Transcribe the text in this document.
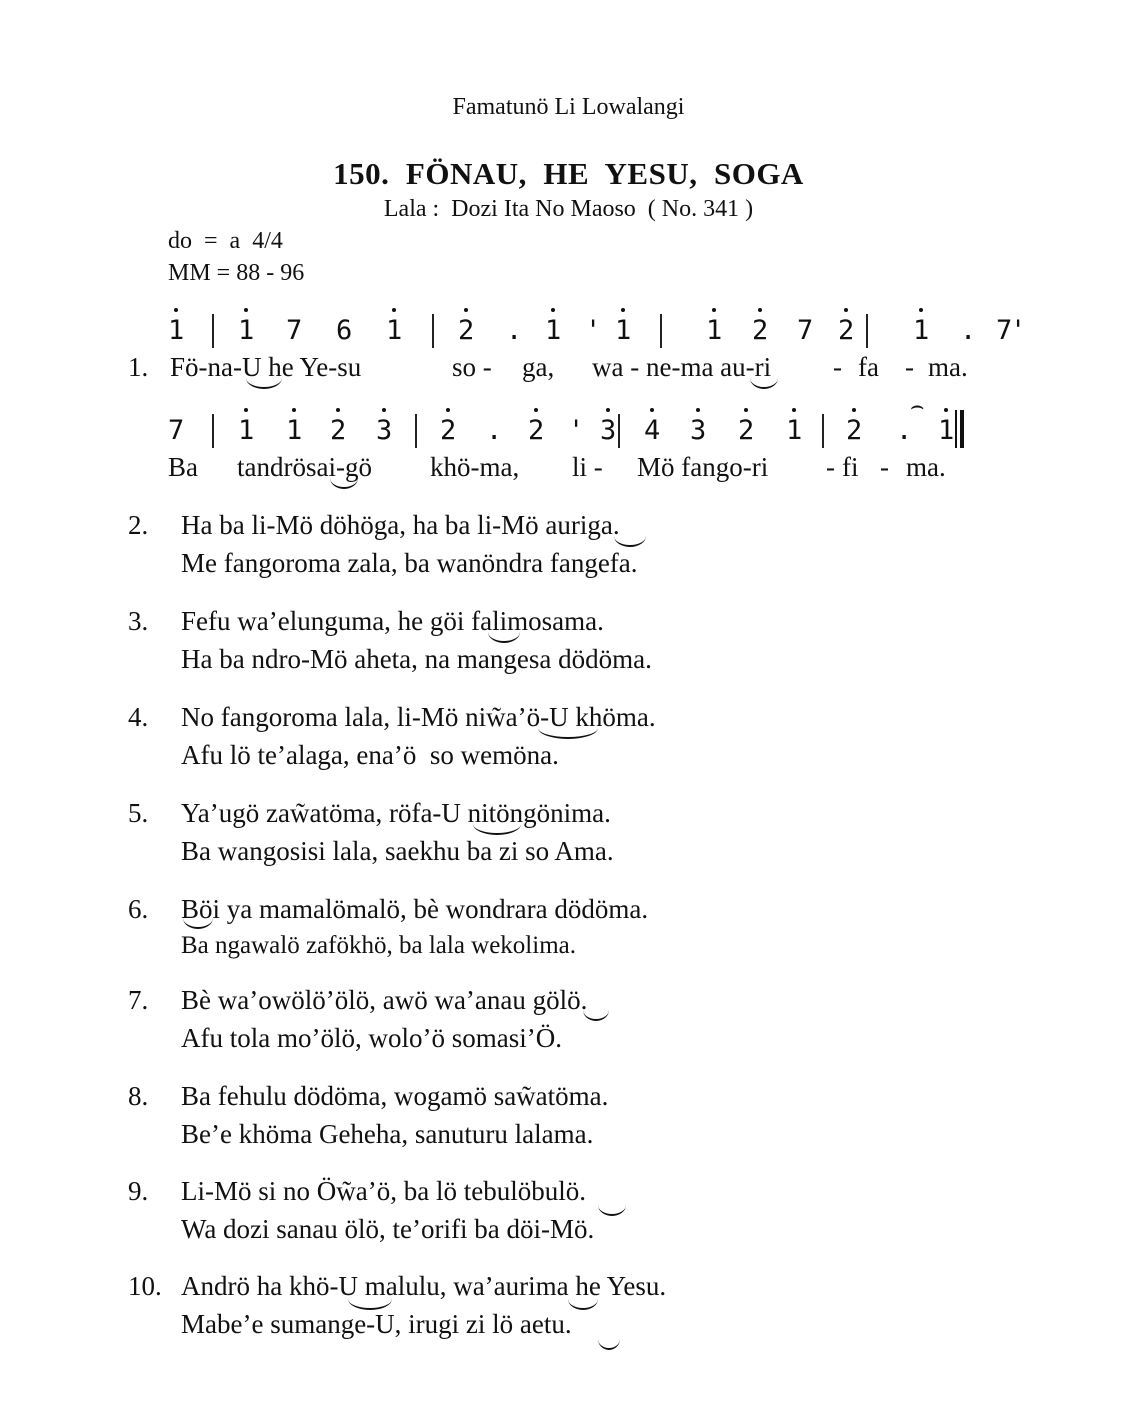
Famatunö Li Lowalangi
150.  FÖNAU,  HE  YESU,  SOGA
Lala :  Dozi Ita No Maoso  ( No. 341 )
do  =  a  4/4
MM = 88 - 96
1 1 7 6 1 2 . 1 ' 1	1 2 7 2 1 . 7
'
1. Fö-na-U he Ye-su	so - ga, wa - ne-ma au-ri - fa - ma.
7 1 1 2 3 2 . 2 ' 3 4 3 2 1 2 . 1
⌢
Ba tandrösai-gö khö-ma, li - Mö fango-ri - fi - ma.
2. Ha ba li-Mö döhöga, ha ba li-Mö auriga.
Me fangoroma zala, ba wanöndra fangefa.
3. Fefu wa’elunguma, he göi falimosama.
Ha ba ndro-Mö aheta, na mangesa dödöma.
4. No fangoroma lala, li-Mö niw̃a’ö-U khöma.
Afu lö te’alaga, ena’ö  so wemöna.
5. Ya’ugö zaw̃atöma, röfa-U nitöngönima.
Ba wangosisi lala, saekhu ba zi so Ama.
6. Böi ya mamalömalö, bè wondrara dödöma.
Ba ngawalö zafökhö, ba lala wekolima.
7. Bè wa’owölö’ölö, awö wa’anau gölö.
Afu tola mo’ölö, wolo’ö somasi’Ö.
8. Ba fehulu dödöma, wogamö saw̃atöma.
Be’e khöma Geheha, sanuturu lalama.
9. Li-Mö si no Öw̃a’ö, ba lö tebulöbulö.
Wa dozi sanau ölö, te’orifi ba döi-Mö.
10. Andrö ha khö-U malulu, wa’aurima he Yesu.
Mabe’e sumange-U, irugi zi lö aetu.
